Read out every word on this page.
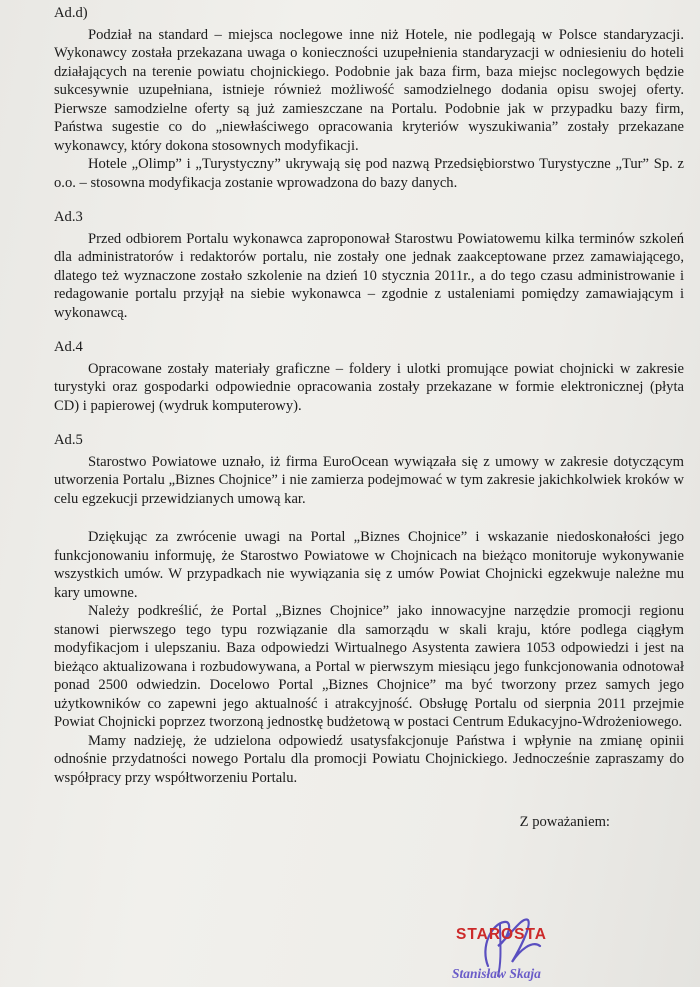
Ad.d)

Podział na standard – miejsca noclegowe inne niż Hotele, nie podlegają w Polsce standaryzacji. Wykonawcy została przekazana uwaga o konieczności uzupełnienia standaryzacji w odniesieniu do hoteli działających na terenie powiatu chojnickiego. Podobnie jak baza firm, baza miejsc noclegowych będzie sukcesywnie uzupełniana, istnieje również możliwość samodzielnego dodania opisu swojej oferty. Pierwsze samodzielne oferty są już zamieszczane na Portalu. Podobnie jak w przypadku bazy firm, Państwa sugestie co do „niewłaściwego opracowania kryteriów wyszukiwania” zostały przekazane wykonawcy, który dokona stosownych modyfikacji.

Hotele „Olimp” i „Turystyczny” ukrywają się pod nazwą Przedsiębiorstwo Turystyczne „Tur” Sp. z o.o. – stosowna modyfikacja zostanie wprowadzona do bazy danych.

Ad.3

Przed odbiorem Portalu wykonawca zaproponował Starostwu Powiatowemu kilka terminów szkoleń dla administratorów i redaktorów portalu, nie zostały one jednak zaakceptowane przez zamawiającego, dlatego też wyznaczone zostało szkolenie na dzień 10 stycznia 2011r., a do tego czasu administrowanie i redagowanie portalu przyjął na siebie wykonawca – zgodnie z ustaleniami pomiędzy zamawiającym i wykonawcą.

Ad.4

Opracowane zostały materiały graficzne – foldery i ulotki promujące powiat chojnicki w zakresie turystyki oraz gospodarki odpowiednie opracowania zostały przekazane w formie elektronicznej (płyta CD) i papierowej (wydruk komputerowy).

Ad.5

Starostwo Powiatowe uznało, iż firma EuroOcean wywiązała się z umowy w zakresie dotyczącym utworzenia Portalu „Biznes Chojnice” i nie zamierza podejmować w tym zakresie jakichkolwiek kroków w celu egzekucji przewidzianych umową kar.

Dziękując za zwrócenie uwagi na Portal „Biznes Chojnice” i wskazanie niedoskonałości jego funkcjonowaniu informuję, że Starostwo Powiatowe w Chojnicach na bieżąco monitoruje wykonywanie wszystkich umów. W przypadkach nie wywiązania się z umów Powiat Chojnicki egzekwuje należne mu kary umowne.

Należy podkreślić, że Portal „Biznes Chojnice” jako innowacyjne narzędzie promocji regionu stanowi pierwszego tego typu rozwiązanie dla samorządu w skali kraju, które podlega ciągłym modyfikacjom i ulepszaniu. Baza odpowiedzi Wirtualnego Asystenta zawiera 1053 odpowiedzi i jest na bieżąco aktualizowana i rozbudowywana, a Portal w pierwszym miesiącu jego funkcjonowania odnotował ponad 2500 odwiedzin. Docelowo Portal „Biznes Chojnice” ma być tworzony przez samych jego użytkowników co zapewni jego aktualność i atrakcyjność. Obsługę Portalu od sierpnia 2011 przejmie Powiat Chojnicki poprzez tworzoną jednostkę budżetową w postaci Centrum Edukacyjno-Wdrożeniowego.

Mamy nadzieję, że udzielona odpowiedź usatysfakcjonuje Państwa i wpłynie na zmianę opinii odnośnie przydatności nowego Portalu dla promocji Powiatu Chojnickiego. Jednocześnie zapraszamy do współpracy przy współtworzeniu Portalu.

Z poważaniem:

STAROSTA
Stanisław Skaja
